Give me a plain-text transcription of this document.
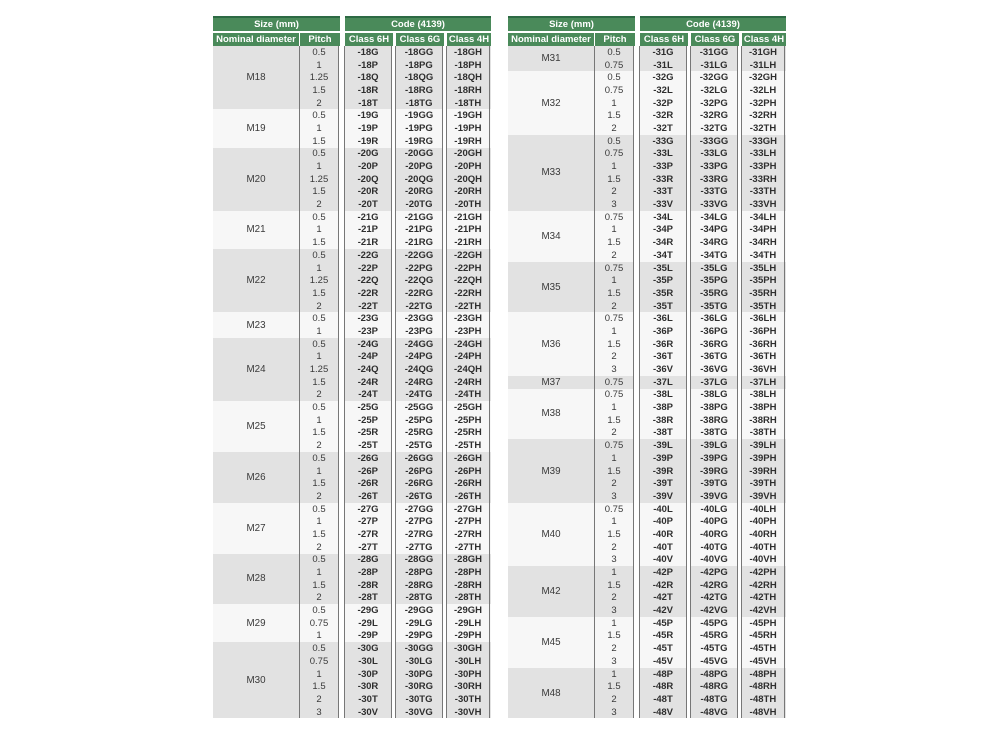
Size (mm)	Code (4139)
Nominal diameter	Pitch	Class 6H	Class 6G Class 4H
M18
0.5	-18G	-18GG	-18GH
1	-18P	-18PG	-18PH
1.25	-18Q	-18QG	-18QH
1.5	-18R	-18RG	-18RH
2	-18T	-18TG	-18TH
M19
0.5	-19G	-19GG	-19GH
1	-19P	-19PG	-19PH
1.5	-19R	-19RG	-19RH
M20
0.5	-20G	-20GG	-20GH
1	-20P	-20PG	-20PH
1.25	-20Q	-20QG	-20QH
1.5	-20R	-20RG	-20RH
2	-20T	-20TG	-20TH
M21
0.5	-21G	-21GG	-21GH
1	-21P	-21PG	-21PH
1.5	-21R	-21RG	-21RH
M22
0.5	-22G	-22GG	-22GH
1	-22P	-22PG	-22PH
1.25	-22Q	-22QG	-22QH
1.5	-22R	-22RG	-22RH
2	-22T	-22TG	-22TH
M23
0.5	-23G	-23GG	-23GH
1	-23P	-23PG	-23PH
M24
0.5	-24G	-24GG	-24GH
1	-24P	-24PG	-24PH
1.25	-24Q	-24QG	-24QH
1.5	-24R	-24RG	-24RH
2	-24T	-24TG	-24TH
M25
0.5	-25G	-25GG	-25GH
1	-25P	-25PG	-25PH
1.5	-25R	-25RG	-25RH
2	-25T	-25TG	-25TH
M26
0.5	-26G	-26GG	-26GH
1	-26P	-26PG	-26PH
1.5	-26R	-26RG	-26RH
2	-26T	-26TG	-26TH
M27
0.5	-27G	-27GG	-27GH
1	-27P	-27PG	-27PH
1.5	-27R	-27RG	-27RH
2	-27T	-27TG	-27TH
M28
0.5	-28G	-28GG	-28GH
1	-28P	-28PG	-28PH
1.5	-28R	-28RG	-28RH
2	-28T	-28TG	-28TH
M29
0.5	-29G	-29GG	-29GH
0.75	-29L	-29LG	-29LH
1	-29P	-29PG	-29PH
M30
0.5	-30G	-30GG	-30GH
0.75	-30L	-30LG	-30LH
1	-30P	-30PG	-30PH
1.5	-30R	-30RG	-30RH
2	-30T	-30TG	-30TH
3	-30V	-30VG	-30VH
Size (mm)	Code (4139)
Nominal diameter	Pitch	Class 6H	Class 6G Class 4H
M31
0.5	-31G	-31GG	-31GH
0.75	-31L	-31LG	-31LH
M32
0.5	-32G	-32GG	-32GH
0.75	-32L	-32LG	-32LH
1	-32P	-32PG	-32PH
1.5	-32R	-32RG	-32RH
2	-32T	-32TG	-32TH
M33
0.5	-33G	-33GG	-33GH
0.75	-33L	-33LG	-33LH
1	-33P	-33PG	-33PH
1.5	-33R	-33RG	-33RH
2	-33T	-33TG	-33TH
3	-33V	-33VG	-33VH
M34
0.75	-34L	-34LG	-34LH
1	-34P	-34PG	-34PH
1.5	-34R	-34RG	-34RH
2	-34T	-34TG	-34TH
M35
0.75	-35L	-35LG	-35LH
1	-35P	-35PG	-35PH
1.5	-35R	-35RG	-35RH
2	-35T	-35TG	-35TH
M36
0.75	-36L	-36LG	-36LH
1	-36P	-36PG	-36PH
1.5	-36R	-36RG	-36RH
2	-36T	-36TG	-36TH
3	-36V	-36VG	-36VH
M37	0.75	-37L	-37LG	-37LH
M38
0.75	-38L	-38LG	-38LH
1	-38P	-38PG	-38PH
1.5	-38R	-38RG	-38RH
2	-38T	-38TG	-38TH
M39
0.75	-39L	-39LG	-39LH
1	-39P	-39PG	-39PH
1.5	-39R	-39RG	-39RH
2	-39T	-39TG	-39TH
3	-39V	-39VG	-39VH
M40
0.75	-40L	-40LG	-40LH
1	-40P	-40PG	-40PH
1.5	-40R	-40RG	-40RH
2	-40T	-40TG	-40TH
3	-40V	-40VG	-40VH
M42
1	-42P	-42PG	-42PH
1.5	-42R	-42RG	-42RH
2	-42T	-42TG	-42TH
3	-42V	-42VG	-42VH
M45
1	-45P	-45PG	-45PH
1.5	-45R	-45RG	-45RH
2	-45T	-45TG	-45TH
3	-45V	-45VG	-45VH
M48
1	-48P	-48PG	-48PH
1.5	-48R	-48RG	-48RH
2	-48T	-48TG	-48TH
3	-48V	-48VG	-48VH
